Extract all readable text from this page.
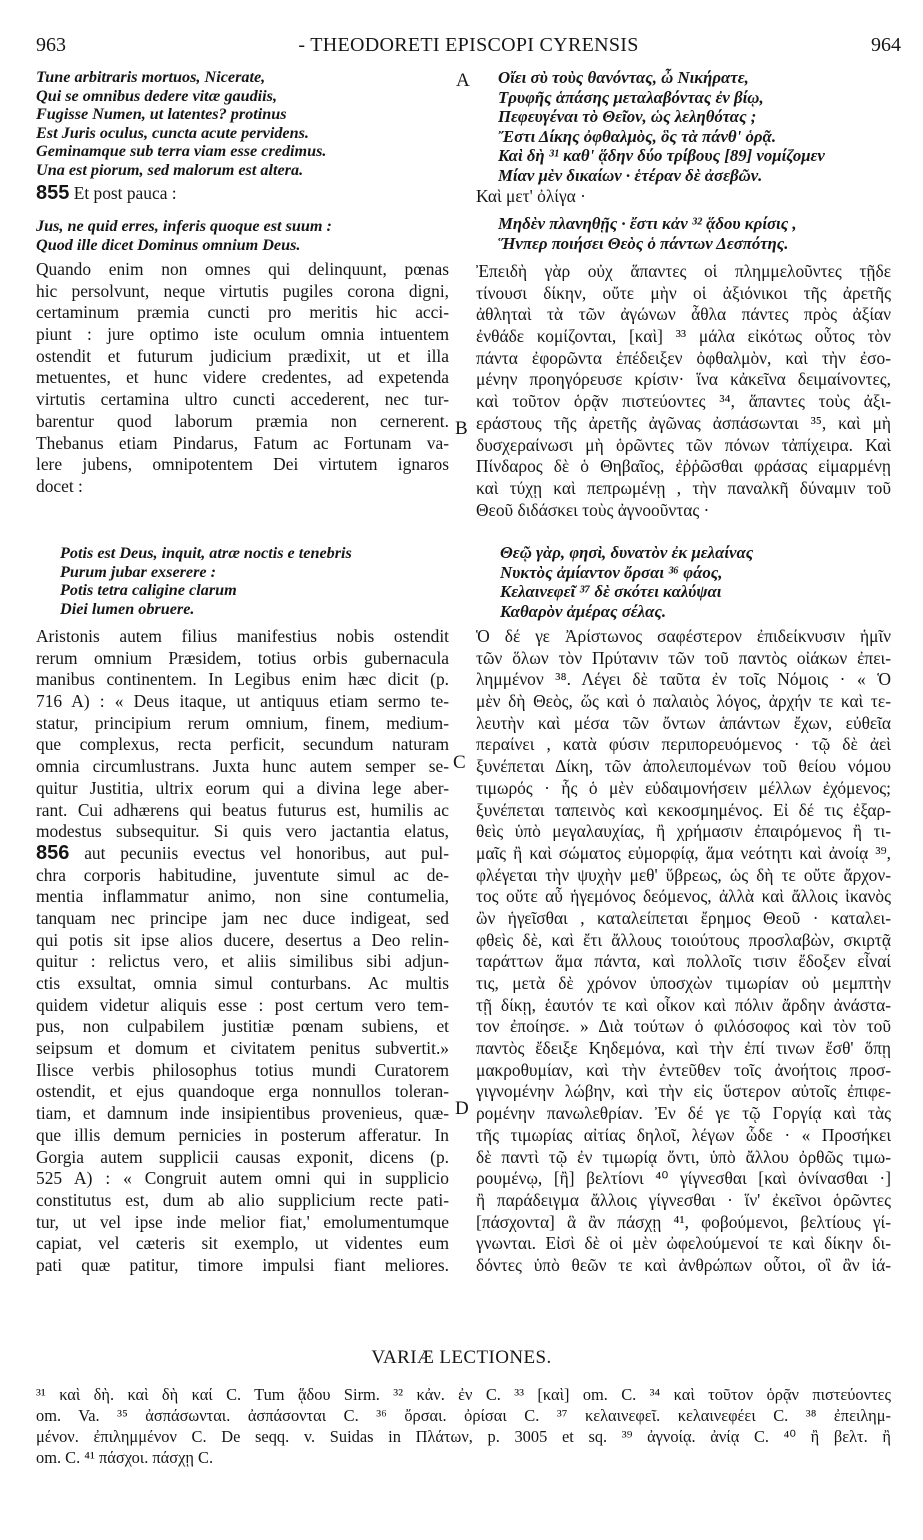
963	- THEODORETI EPISCOPI CYRENSIS	964
A
B
C
D
Tune arbitraris mortuos, Nicerate,
Qui se omnibus dedere vitæ gaudiis,
Fugisse Numen, ut latentes? protinus
Est Juris oculus, cuncta acute pervidens.
Geminamque sub terra viam esse credimus.
Una est piorum, sed malorum est altera.
855 Et post pauca :
Jus, ne quid erres, inferis quoque est suum :
Quod ille dicet Dominus omnium Deus.
Quando enim non omnes qui delinquunt, pœnas
hic persolvunt, neque virtutis pugiles corona digni,
certaminum præmia cuncti pro meritis hic acci-
piunt : jure optimo iste oculum omnia intuentem
ostendit et futurum judicium prædixit, ut et illa
metuentes, et hunc videre credentes, ad expetenda
virtutis certamina ultro cuncti accederent, nec tur-
barentur quod laborum præmia non cernerent.
Thebanus etiam Pindarus, Fatum ac Fortunam va-
lere jubens, omnipotentem Dei virtutem ignaros
docet :
Potis est Deus, inquit, atræ noctis e tenebris
Purum jubar exserere :
Potis tetra caligine clarum
Diei lumen obruere.
Aristonis autem filius manifestius nobis ostendit
rerum omnium Præsidem, totius orbis gubernacula
manibus continentem. In Legibus enim hæc dicit (p.
716 A) : « Deus itaque, ut antiquus etiam sermo te-
statur, principium rerum omnium, finem, medium-
que complexus, recta perficit, secundum naturam
omnia circumlustrans. Juxta hunc autem semper se-
quitur Justitia, ultrix eorum qui a divina lege aber-
rant. Cui adhærens qui beatus futurus est, humilis ac
modestus subsequitur. Si quis vero jactantia elatus,
856 aut pecuniis evectus vel honoribus, aut pul-
chra corporis habitudine, juventute simul ac de-
mentia inflammatur animo, non sine contumelia,
tanquam nec principe jam nec duce indigeat, sed
qui potis sit ipse alios ducere, desertus a Deo relin-
quitur : relictus vero, et aliis similibus sibi adjun-
ctis exsultat, omnia simul conturbans. Ac multis
quidem videtur aliquis esse : post certum vero tem-
pus, non culpabilem justitiæ pœnam subiens, et
seipsum et domum et civitatem penitus subvertit.»
Ilisce verbis philosophus totius mundi Curatorem
ostendit, et ejus quandoque erga nonnullos toleran-
tiam, et damnum inde insipientibus provenieus, quæ-
que illis demum pernicies in posterum afferatur. In
Gorgia autem supplicii causas exponit, dicens (p.
525 A) : « Congruit autem omni qui in supplicio
constitutus est, dum ab alio supplicium recte pati-
tur, ut vel ipse inde melior fiat,' emolumentumque
capiat, vel cæteris sit exemplo, ut videntes eum
pati quæ patitur, timore impulsi fiant meliores.
Οἴει σὺ τοὺς θανόντας, ὦ Νικήρατε,
Τρυφῆς ἁπάσης μεταλαβόντας ἐν βίῳ,
Πεφευγέναι τὸ Θεῖον, ὡς λεληθότας ;
Ἔστι Δίκης ὀφθαλμὸς, ὃς τὰ πάνθ' ὁρᾷ.
Καὶ δὴ ³¹ καθ' ᾅδην δύο τρίβους [89] νομίζομεν
Μίαν μὲν δικαίων · ἑτέραν δὲ ἀσεβῶν.
Καὶ μετ' ὀλίγα ·
Μηδὲν πλανηθῇς · ἔστι κἀν ³² ᾅδου κρίσις ,
Ἥνπερ ποιήσει Θεὸς ὁ πάντων Δεσπότης.
Ἐπειδὴ γὰρ οὐχ ἅπαντες οἱ πλημμελοῦντες τῇδε
τίνουσι δίκην, οὔτε μὴν οἱ ἀξιόνικοι τῆς ἀρετῆς
ἀθληταὶ τὰ τῶν ἀγώνων ἆθλα πάντες πρὸς ἀξίαν
ἐνθάδε κομίζονται, [καὶ] ³³ μάλα εἰκότως οὗτος τὸν
πάντα ἐφορῶντα ἐπέδειξεν ὀφθαλμὸν, καὶ τὴν ἐσο-
μένην προηγόρευσε κρίσιν· ἵνα κἀκεῖνα δειμαίνοντες,
καὶ τοῦτον ὁρᾷν πιστεύοντες ³⁴, ἅπαντες τοὺς ἀξι-
εράστους τῆς ἀρετῆς ἀγῶνας ἀσπάσωνται ³⁵, καὶ μὴ
δυσχεραίνωσι μὴ ὁρῶντες τῶν πόνων τἀπίχειρα. Καὶ
Πίνδαρος δὲ ὁ Θηβαῖος, ἐῤῥῶσθαι φράσας εἱμαρμένῃ
καὶ τύχῃ καὶ πεπρωμένῃ , τὴν παναλκῆ δύναμιν τοῦ
Θεοῦ διδάσκει τοὺς ἀγνοοῦντας ·
Θεῷ γὰρ, φησὶ, δυνατὸν ἐκ μελαίνας
Νυκτὸς ἀμίαντον ὄρσαι ³⁶ φάος,
Κελαινεφεῖ ³⁷ δὲ σκότει καλύψαι
Καθαρὸν ἀμέρας σέλας.
Ὁ δέ γε Ἀρίστωνος σαφέστερον ἐπιδείκνυσιν ἡμῖν
τῶν ὅλων τὸν Πρύτανιν τῶν τοῦ παντὸς οἰάκων ἐπει-
λημμένον ³⁸. Λέγει δὲ ταῦτα ἐν τοῖς Νόμοις · « Ὁ
μὲν δὴ Θεὸς, ὥς καὶ ὁ παλαιὸς λόγος, ἀρχήν τε καὶ τε-
λευτὴν καὶ μέσα τῶν ὄντων ἁπάντων ἔχων, εὐθεῖα
περαίνει , κατὰ φύσιν περιπορευόμενος · τῷ δὲ ἀεὶ
ξυνέπεται Δίκη, τῶν ἀπολειπομένων τοῦ θείου νόμου
τιμωρός · ἧς ὁ μὲν εὐδαιμονήσειν μέλλων ἐχόμενος;
ξυνέπεται ταπεινὸς καὶ κεκοσμημένος. Εἰ δέ τις ἐξαρ-
θεὶς ὑπὸ μεγαλαυχίας, ἢ χρήμασιν ἐπαιρόμενος ἢ τι-
μαῖς ἢ καὶ σώματος εὐμορφίᾳ, ἅμα νεότητι καὶ ἀνοίᾳ ³⁹,
φλέγεται τὴν ψυχὴν μεθ' ὕβρεως, ὡς δὴ τε οὔτε ἄρχον-
τος οὔτε αὖ ἡγεμόνος δεόμενος, ἀλλὰ καὶ ἄλλοις ἱκανὸς
ὢν ἡγεῖσθαι , καταλείπεται ἔρημος Θεοῦ · καταλει-
φθεὶς δὲ, καὶ ἔτι ἄλλους τοιούτους προσλαβὼν, σκιρτᾷ
ταράττων ἅμα πάντα, καὶ πολλοῖς τισιν ἔδοξεν εἶναί
τις, μετὰ δὲ χρόνον ὑποσχὼν τιμωρίαν οὐ μεμπτὴν
τῇ δίκῃ, ἑαυτόν τε καὶ οἶκον καὶ πόλιν ἄρδην ἀνάστα-
τον ἐποίησε. » Διὰ τούτων ὁ φιλόσοφος καὶ τὸν τοῦ
παντὸς ἔδειξε Κηδεμόνα, καὶ τὴν ἐπί τινων ἔσθ' ὅπῃ
μακροθυμίαν, καὶ τὴν ἐντεῦθεν τοῖς ἀνοήτοις προσ-
γιγνομένην λώβην, καὶ τὴν εἰς ὕστερον αὐτοῖς ἐπιφε-
ρομένην πανωλεθρίαν. Ἐν δέ γε τῷ Γοργίᾳ καὶ τὰς
τῆς τιμωρίας αἰτίας δηλοῖ, λέγων ὧδε · « Προσήκει
δὲ παντὶ τῷ ἐν τιμωρίᾳ ὄντι, ὑπὸ ἄλλου ὀρθῶς τιμω-
ρουμένῳ, [ἢ] βελτίονι ⁴⁰ γίγνεσθαι [καὶ ὀνίνασθαι ·]
ἢ παράδειγμα ἄλλοις γίγνεσθαι · ἵν' ἐκεῖνοι ὁρῶντες
[πάσχοντα] ἃ ἂν πάσχῃ ⁴¹, φοβούμενοι, βελτίους γί-
γνωνται. Εἰσὶ δὲ οἱ μὲν ὠφελούμενοί τε καὶ δίκην δι-
δόντες ὑπὸ θεῶν τε καὶ ἀνθρώπων οὗτοι, οἳ ἂν ἰά-
VARIÆ LECTIONES.
³¹ καὶ δὴ. καὶ δὴ καί C. Tum ᾅδου Sirm. ³² κἀν. ἐν C. ³³ [καὶ] om. C. ³⁴ καὶ τοῦτον ὁρᾷν πιστεύοντες
om. Va. ³⁵ ἀσπάσωνται. ἀσπάσονται C. ³⁶ ὄρσαι. ὀρίσαι C. ³⁷ κελαινεφεῖ. κελαινεφέει C. ³⁸ ἐπειλημ-
μένον. ἐπιλημμένον C. De seqq. v. Suidas in Πλάτων, p. 3005 et sq. ³⁹ ἀγνοίᾳ. ἀνίᾳ C. ⁴⁰ ἢ βελτ. ἢ
om. C. ⁴¹ πάσχοι. πάσχῃ C.
